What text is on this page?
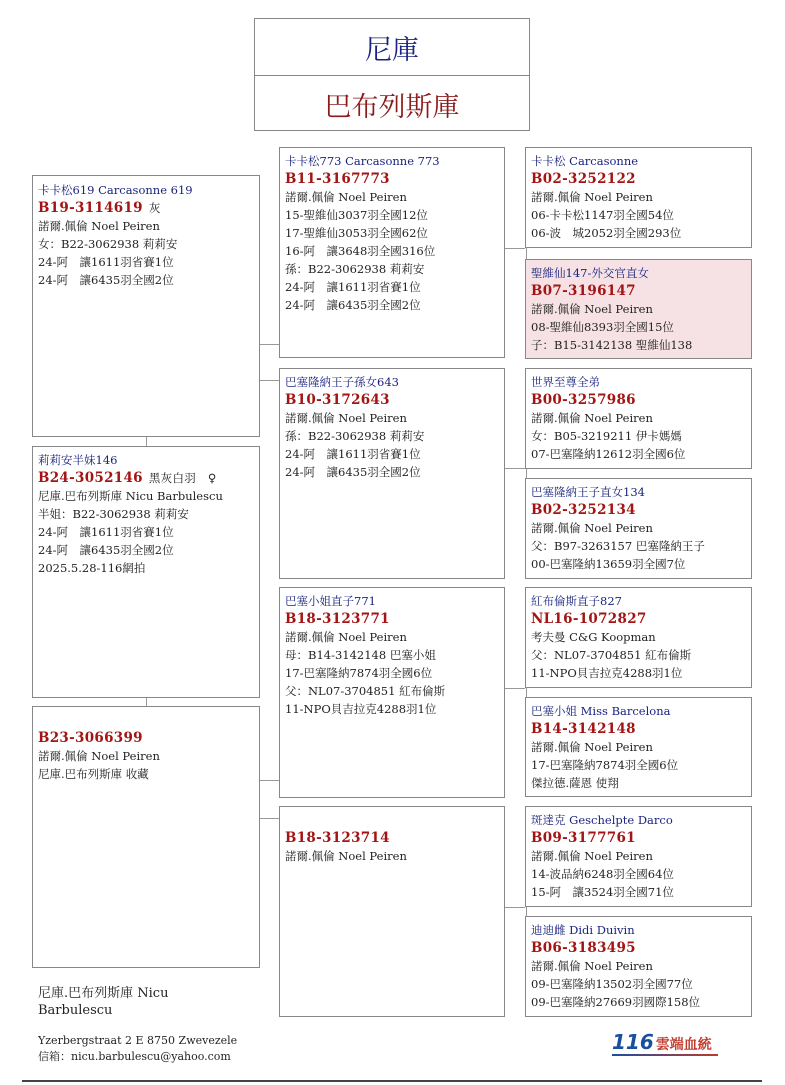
尼庫
巴布列斯庫
卡卡松619 Carcasonne 619
B19-3114619 灰
諾爾.佩倫 Noel Peiren
女：B22-3062938 莉莉安
24-阿　讓1611羽省賽1位
24-阿　讓6435羽全國2位
莉莉安半妹146
B24-3052146 黑灰白羽　♀
尼庫.巴布列斯庫 Nicu Barbulescu
半姐：B22-3062938 莉莉安
24-阿　讓1611羽省賽1位
24-阿　讓6435羽全國2位
2025.5.28-116網拍
B23-3066399
諾爾.佩倫 Noel Peiren
尼庫.巴布列斯庫 收藏
卡卡松773 Carcasonne 773
B11-3167773
諾爾.佩倫 Noel Peiren
15-聖維仙3037羽全國12位
17-聖維仙3053羽全國62位
16-阿　讓3648羽全國316位
孫：B22-3062938 莉莉安
24-阿　讓1611羽省賽1位
24-阿　讓6435羽全國2位
巴塞隆納王子孫女643
B10-3172643
諾爾.佩倫 Noel Peiren
孫：B22-3062938 莉莉安
24-阿　讓1611羽省賽1位
24-阿　讓6435羽全國2位
巴塞小姐直子771
B18-3123771
諾爾.佩倫 Noel Peiren
母：B14-3142148 巴塞小姐
17-巴塞隆納7874羽全國6位
父：NL07-3704851 紅布倫斯
11-NPO貝吉拉克4288羽1位
B18-3123714
諾爾.佩倫 Noel Peiren
卡卡松 Carcasonne
B02-3252122
諾爾.佩倫 Noel Peiren
06-卡卡松1147羽全國54位
06-波　城2052羽全國293位
聖維仙147-外交官直女
B07-3196147
諾爾.佩倫 Noel Peiren
08-聖維仙8393羽全國15位
子：B15-3142138 聖維仙138
世界至尊全弟
B00-3257986
諾爾.佩倫 Noel Peiren
女：B05-3219211 伊卡媽媽
07-巴塞隆納12612羽全國6位
巴塞隆納王子直女134
B02-3252134
諾爾.佩倫 Noel Peiren
父：B97-3263157 巴塞隆納王子
00-巴塞隆納13659羽全國7位
紅布倫斯直子827
NL16-1072827
考夫曼 C&G Koopman
父：NL07-3704851 紅布倫斯
11-NPO貝吉拉克4288羽1位
巴塞小姐 Miss Barcelona
B14-3142148
諾爾.佩倫 Noel Peiren
17-巴塞隆納7874羽全國6位
傑拉德.薩恩 使翔
斑達克 Geschelpte Darco
B09-3177761
諾爾.佩倫 Noel Peiren
14-波品納6248羽全國64位
15-阿　讓3524羽全國71位
迪迪雌 Didi Duivin
B06-3183495
諾爾.佩倫 Noel Peiren
09-巴塞隆納13502羽全國77位
09-巴塞隆納27669羽國際158位
尼庫.巴布列斯庫 Nicu
Barbulescu
Yzerbergstraat 2 E 8750 Zwevezele
信箱：nicu.barbulescu@yahoo.com
116 雲端血統
